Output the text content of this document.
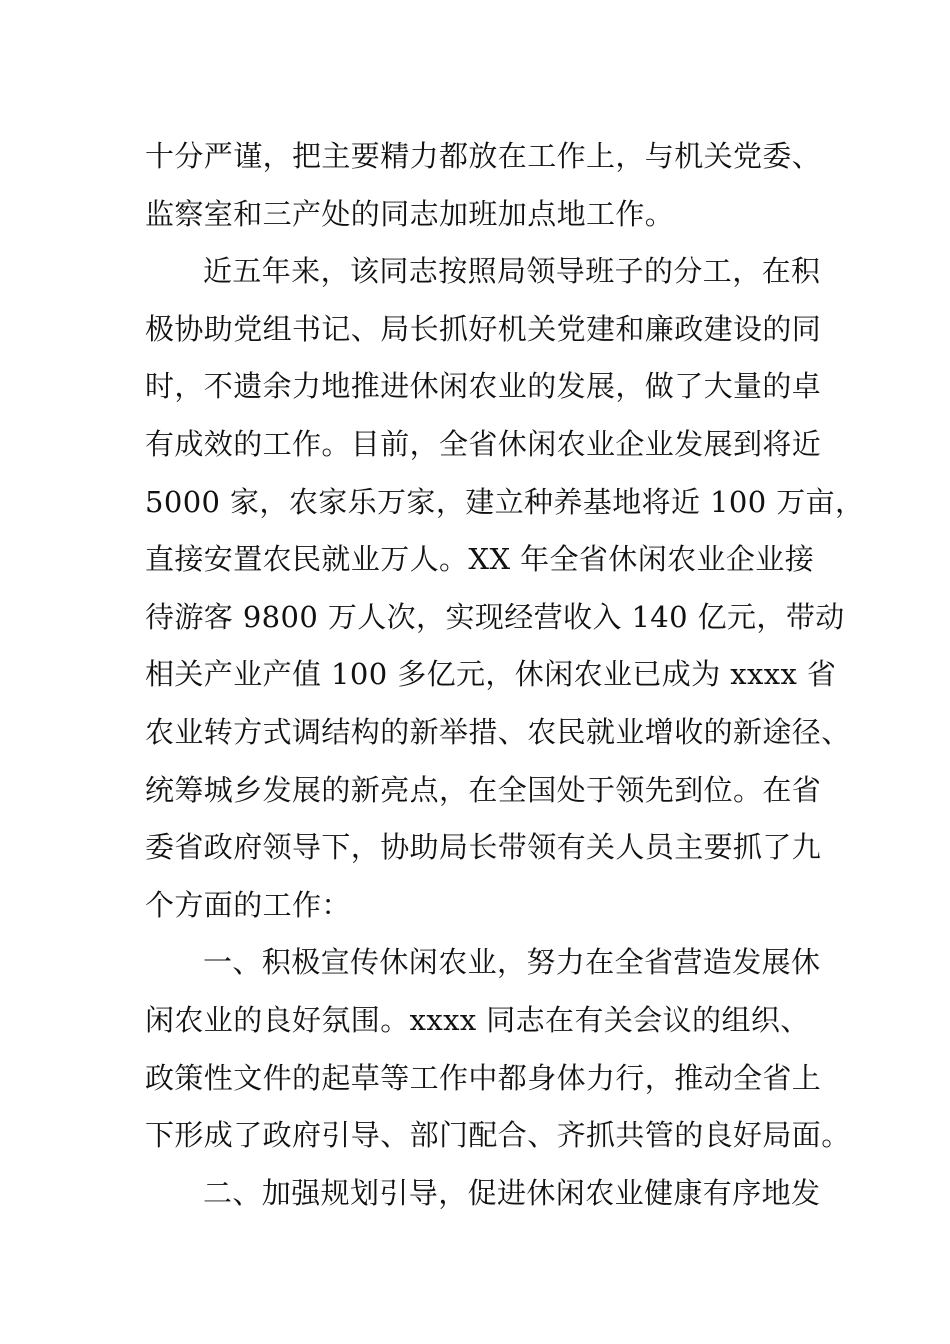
十分严谨，把主要精力都放在工作上，与机关党委、
监察室和三产处的同志加班加点地工作。
近五年来，该同志按照局领导班子的分工，在积
极协助党组书记、局长抓好机关党建和廉政建设的同
时，不遗余力地推进休闲农业的发展，做了大量的卓
有成效的工作。目前，全省休闲农业企业发展到将近
5000 家，农家乐万家，建立种养基地将近 100 万亩，
直接安置农民就业万人。XX 年全省休闲农业企业接
待游客 9800 万人次，实现经营收入 140 亿元，带动
相关产业产值 100 多亿元，休闲农业已成为 xxxx 省
农业转方式调结构的新举措、农民就业增收的新途径、
统筹城乡发展的新亮点，在全国处于领先到位。在省
委省政府领导下，协助局长带领有关人员主要抓了九
个方面的工作：
一、积极宣传休闲农业，努力在全省营造发展休
闲农业的良好氛围。xxxx 同志在有关会议的组织、
政策性文件的起草等工作中都身体力行，推动全省上
下形成了政府引导、部门配合、齐抓共管的良好局面。
二、加强规划引导，促进休闲农业健康有序地发
